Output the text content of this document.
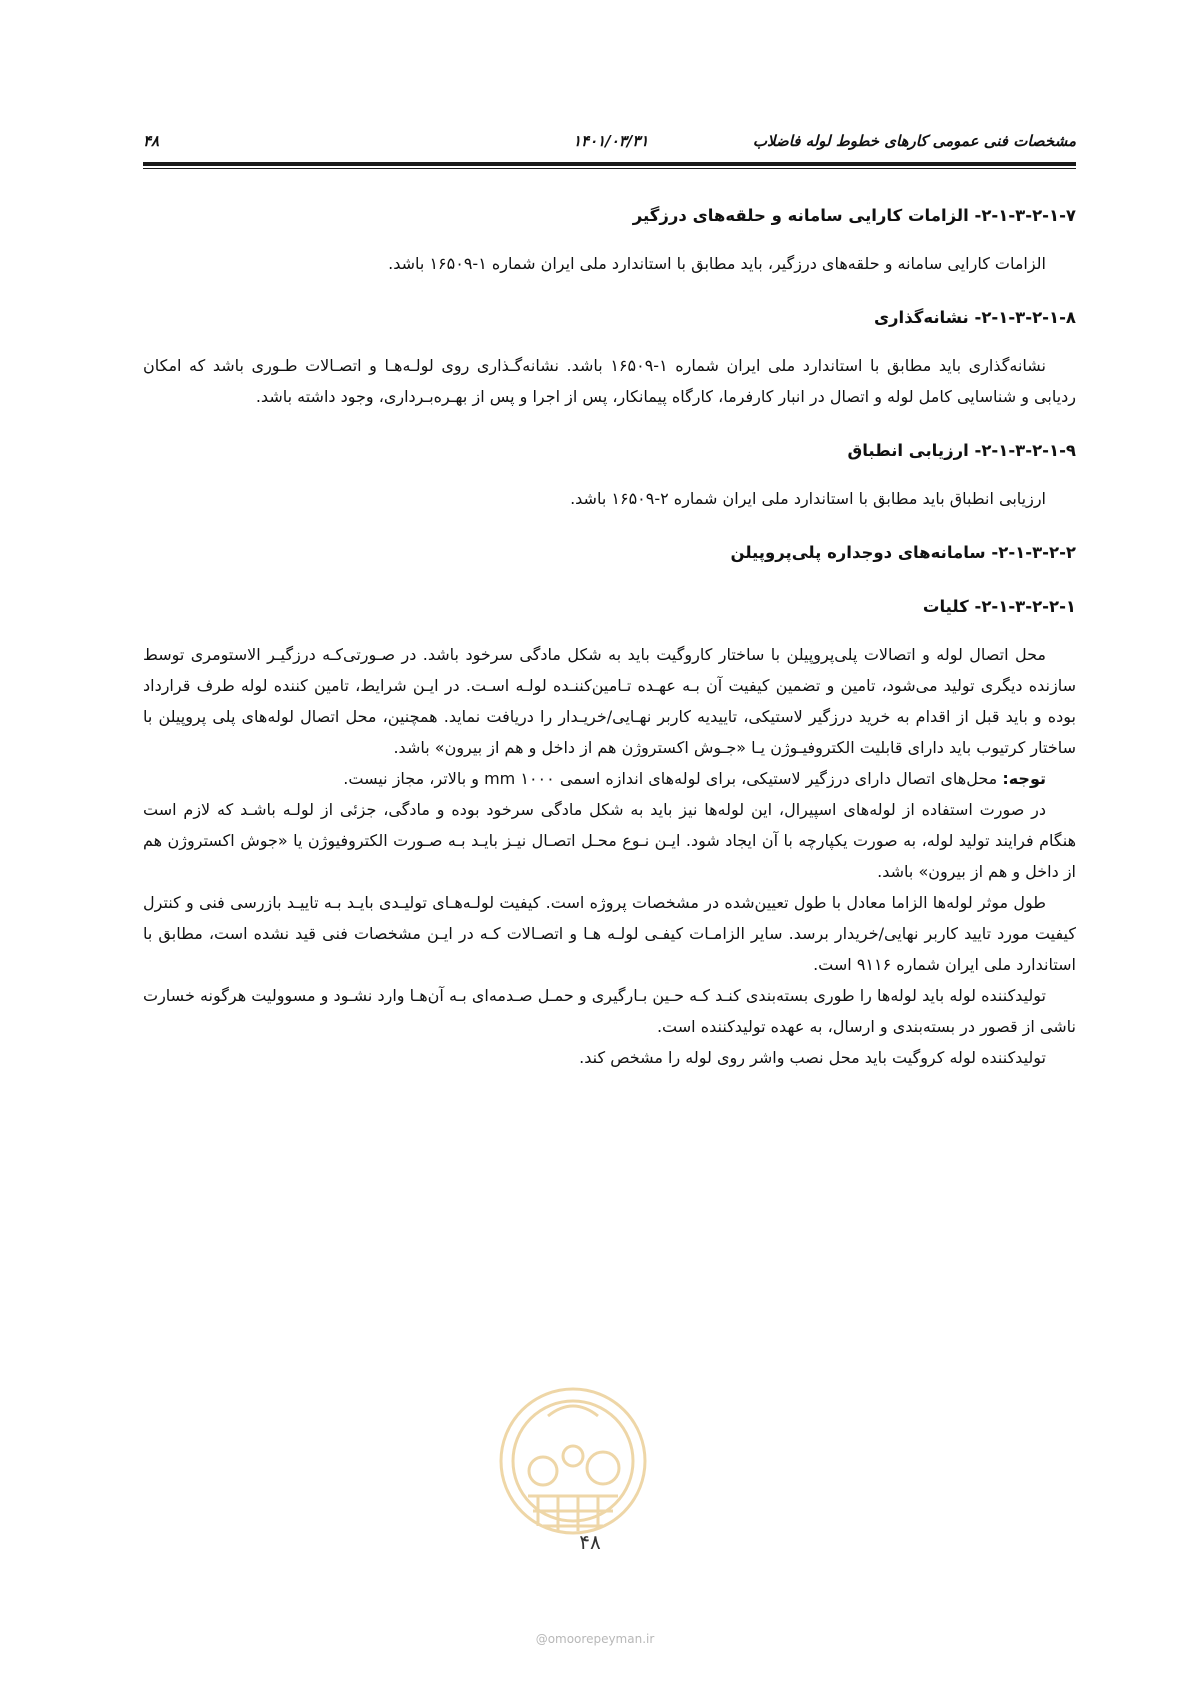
۴۸	۱۴۰۱/۰۳/۳۱	مشخصات فنی عمومی کارهای خطوط لوله فاضلاب

۲-۱-۳-۲-۱-۷- الزامات کارایی سامانه و حلقه‌های درزگیر

الزامات کارایی سامانه و حلقه‌های درزگیر، باید مطابق با استاندارد ملی ایران شماره ۱-۱۶۵۰۹ باشد.

۲-۱-۳-۲-۱-۸- نشانه‌گذاری

نشانه‌گذاری باید مطابق با استاندارد ملی ایران شماره ۱-۱۶۵۰۹ باشد. نشانه‌گـذاری روی لولـه‌هـا و اتصـالات طـوری باشد که امکان ردیابی و شناسایی کامل لوله و اتصال در انبار کارفرما، کارگاه پیمانکار، پس از اجرا و پس از بهـره‌بـرداری، وجود داشته باشد.

۲-۱-۳-۲-۱-۹- ارزیابی انطباق

ارزیابی انطباق باید مطابق با استاندارد ملی ایران شماره ۲-۱۶۵۰۹ باشد.

۲-۱-۳-۲-۲- سامانه‌های دوجداره پلی‌پروپیلن

۲-۱-۳-۲-۲-۱- کلیات

محل اتصال لوله و اتصالات پلی‌پروپیلن با ساختار کاروگیت باید به شکل مادگی سرخود باشد. در صـورتی‌کـه درزگیـر الاستومری توسط سازنده دیگری تولید می‌شود، تامین و تضمین کیفیت آن بـه عهـده تـامین‌کننـده لولـه اسـت. در ایـن شرایط، تامین کننده لوله طرف قرارداد بوده و باید قبل از اقدام به خرید درزگیر لاستیکی، تاییدیه کاربر نهـایی/خریـدار را دریافت نماید. همچنین، محل اتصال لوله‌های پلی پروپیلن با ساختار کرتیوب باید دارای قابلیت الکتروفیـوژن یـا «جـوش اکستروژن هم از داخل و هم از بیرون» باشد.

توجه: محل‌های اتصال دارای درزگیر لاستیکی، برای لوله‌های اندازه اسمی mm ۱۰۰۰ و بالاتر، مجاز نیست.

در صورت استفاده از لوله‌های اسپیرال، این لوله‌ها نیز باید به شکل مادگی سرخود بوده و مادگی، جزئی از لولـه باشـد که لازم است هنگام فرایند تولید لوله، به صورت یکپارچه با آن ایجاد شود. ایـن نـوع محـل اتصـال نیـز بایـد بـه صـورت الکتروفیوژن یا «جوش اکستروژن هم از داخل و هم از بیرون» باشد.

طول موثر لوله‌ها الزاما معادل با طول تعیین‌شده در مشخصات پروژه است. کیفیت لولـه‌هـای تولیـدی بایـد بـه تاییـد بازرسی فنی و کنترل کیفیت مورد تایید کاربر نهایی/خریدار برسد. سایر الزامـات کیفـی لولـه هـا و اتصـالات کـه در ایـن مشخصات فنی قید نشده است، مطابق با استاندارد ملی ایران شماره ۹۱۱۶ است.

تولیدکننده لوله باید لوله‌ها را طوری بسته‌بندی کنـد کـه حـین بـارگیری و حمـل صـدمه‌ای بـه آن‌هـا وارد نشـود و مسوولیت هرگونه خسارت ناشی از قصور در بسته‌بندی و ارسال، به عهده تولیدکننده است.

تولیدکننده لوله کروگیت باید محل نصب واشر روی لوله را مشخص کند.

۴۸
@omoorepeyman.ir
